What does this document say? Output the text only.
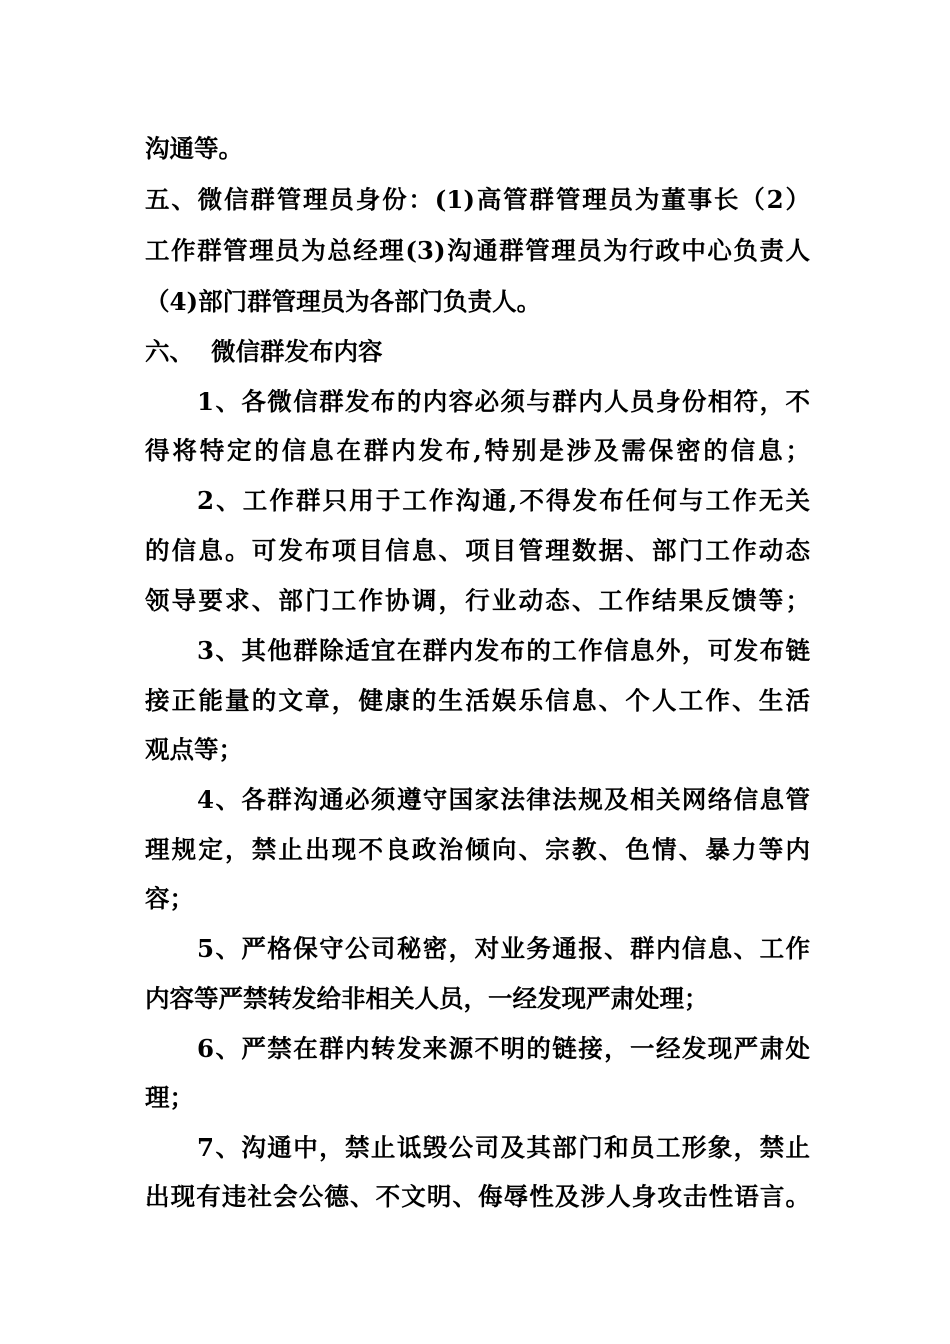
沟通等。
五、微信群管理员身份：(1)高管群管理员为董事长（2）
工作群管理员为总经理(3)沟通群管理员为行政中心负责人
（4)部门群管理员为各部门负责人。
六、  微信群发布内容
1、各微信群发布的内容必须与群内人员身份相符，不
得将特定的信息在群内发布,特别是涉及需保密的信息；
2、工作群只用于工作沟通,不得发布任何与工作无关
的信息。可发布项目信息、项目管理数据、部门工作动态
领导要求、部门工作协调，行业动态、工作结果反馈等；
3、其他群除适宜在群内发布的工作信息外，可发布链
接正能量的文章，健康的生活娱乐信息、个人工作、生活
观点等；
4、各群沟通必须遵守国家法律法规及相关网络信息管
理规定，禁止出现不良政治倾向、宗教、色情、暴力等内
容；
5、严格保守公司秘密，对业务通报、群内信息、工作
内容等严禁转发给非相关人员，一经发现严肃处理；
6、严禁在群内转发来源不明的链接，一经发现严肃处
理；
7、沟通中，禁止诋毁公司及其部门和员工形象，禁止
出现有违社会公德、不文明、侮辱性及涉人身攻击性语言。
